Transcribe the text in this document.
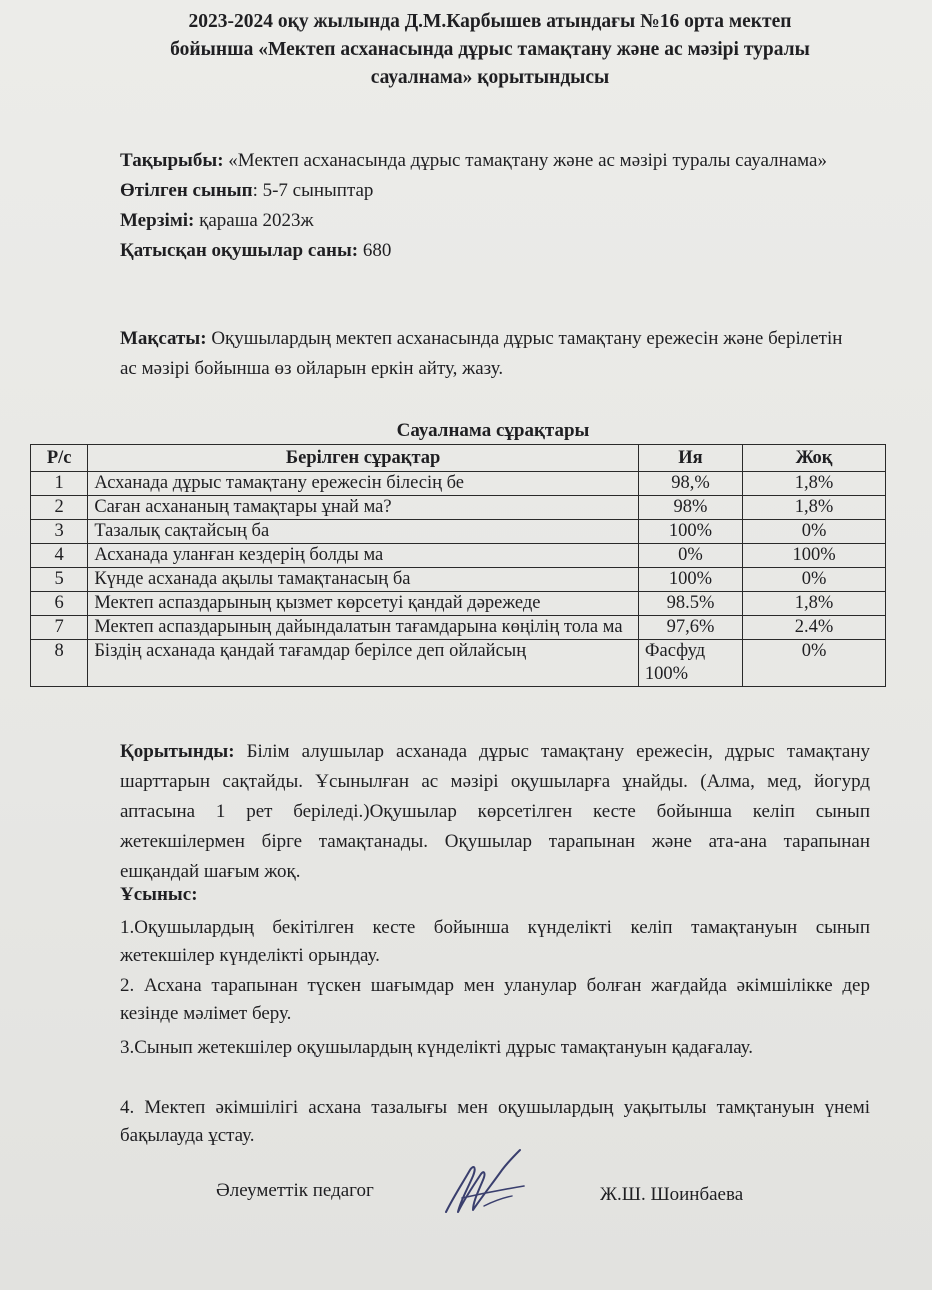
2023-2024 оқу жылында Д.М.Карбышев атындағы №16 орта мектеп
бойынша «Мектеп асханасында дұрыс тамақтану және ас мәзірі туралы
сауалнама» қорытындысы

Тақырыбы: «Мектеп асханасында дұрыс тамақтану және ас мәзірі туралы сауалнама»

Өтілген сынып: 5-7 сыныптар

Мерзімі: қараша 2023ж

Қатысқан оқушылар саны: 680

Мақсаты: Оқушылардың мектеп асханасында дұрыс тамақтану ережесін және берілетін ас мәзірі бойынша өз ойларын еркін айту, жазу.
Сауалнама сұрақтары
Р/с	Берілген сұрақтар	Ия	Жоқ
1	Асханада дұрыс тамақтану ережесін білесің бе	98,%	1,8%
2	Саған асхананың тамақтары ұнай ма?	98%	1,8%
3	Тазалық сақтайсың ба	100%	0%
4	Асханада уланған кездерің болды ма	0%	100%
5	Күнде асханада ақылы тамақтанасың ба	100%	0%
6	Мектеп аспаздарының қызмет көрсетуі қандай дәрежеде	98.5%	1,8%
7	Мектеп аспаздарының дайындалатын тағамдарына көңілің тола ма	97,6%	2.4%
8	Біздің асханада қандай тағамдар берілсе деп ойлайсың	Фасфуд 100%	0%

Қорытынды: Білім алушылар асханада дұрыс тамақтану ережесін, дұрыс тамақтану шарттарын сақтайды. Ұсынылған ас мәзірі оқушыларға ұнайды. (Алма, мед, йогурд аптасына 1 рет беріледі.)Оқушылар көрсетілген кесте бойынша келіп сынып жетекшілермен бірге тамақтанады. Оқушылар тарапынан және ата-ана тарапынан ешқандай шағым жоқ.

Ұсыныс:

1.Оқушылардың бекітілген кесте бойынша күнделікті келіп тамақтануын сынып жетекшілер күнделікті орындау.

2. Асхана тарапынан түскен шағымдар мен уланулар болған жағдайда әкімшілікке дер кезінде мәлімет беру.

3.Сынып жетекшілер оқушылардың күнделікті дұрыс тамақтануын қадағалау.

4. Мектеп әкімшілігі асхана тазалығы мен оқушылардың уақытылы тамқтануын үнемі бақылауда ұстау.

Әлеуметтік педагог	Ж.Ш. Шоинбаева
